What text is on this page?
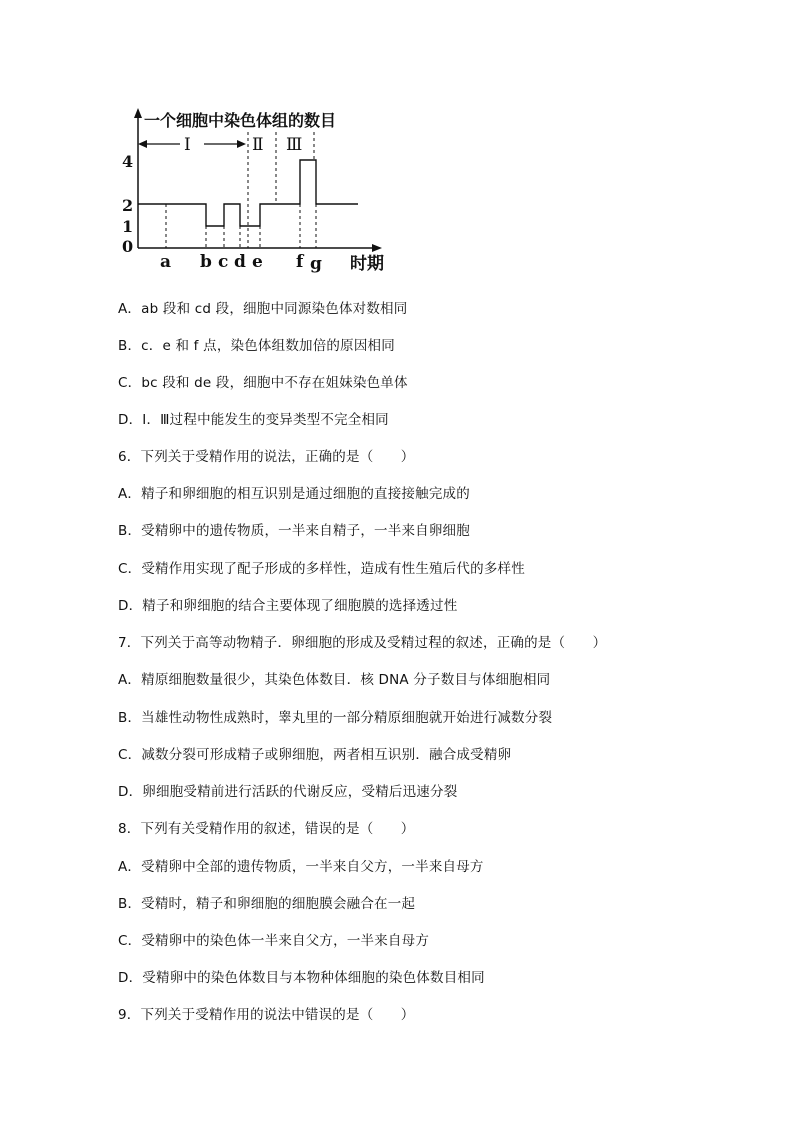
一个细胞中染色体组的数目
4
2
1
0
Ⅰ	Ⅱ Ⅲ
a b c d e f g 时期
A．ab 段和 cd 段，细胞中同源染色体对数相同
B．c．e 和 f 点，染色体组数加倍的原因相同
C．bc 段和 de 段，细胞中不存在姐妹染色单体
D．Ⅰ．Ⅲ过程中能发生的变异类型不完全相同
6．下列关于受精作用的说法，正确的是（　　）
A．精子和卵细胞的相互识别是通过细胞的直接接触完成的
B．受精卵中的遗传物质，一半来自精子，一半来自卵细胞
C．受精作用实现了配子形成的多样性，造成有性生殖后代的多样性
D．精子和卵细胞的结合主要体现了细胞膜的选择透过性
7．下列关于高等动物精子．卵细胞的形成及受精过程的叙述，正确的是（　　）
A．精原细胞数量很少，其染色体数目．核 DNA 分子数目与体细胞相同
B．当雄性动物性成熟时，睾丸里的一部分精原细胞就开始进行减数分裂
C．减数分裂可形成精子或卵细胞，两者相互识别．融合成受精卵
D．卵细胞受精前进行活跃的代谢反应，受精后迅速分裂
8．下列有关受精作用的叙述，错误的是（　　）
A．受精卵中全部的遗传物质，一半来自父方，一半来自母方
B．受精时，精子和卵细胞的细胞膜会融合在一起
C．受精卵中的染色体一半来自父方，一半来自母方
D．受精卵中的染色体数目与本物种体细胞的染色体数目相同
9．下列关于受精作用的说法中错误的是（　　）
